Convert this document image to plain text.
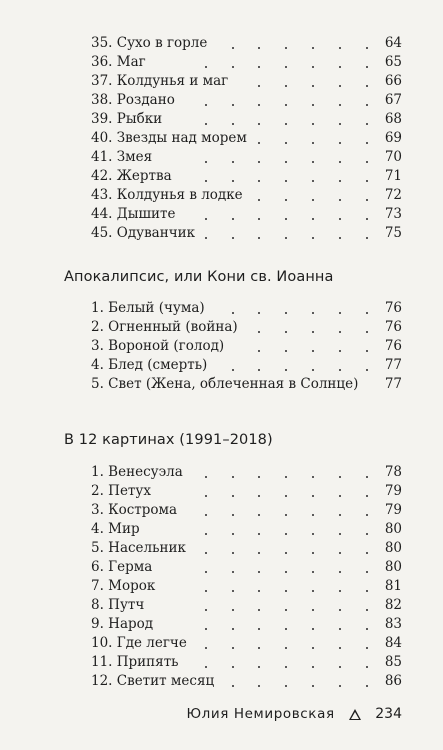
35. Сухо в горле	64
36. Маг	65
37. Колдунья и маг	66
38. Роздано	67
39. Рыбки	68
40. Звезды над морем	69
41. Змея	70
42. Жертва	71
43. Колдунья в лодке	72
44. Дышите	73
45. Одуванчик	75
Апокалипсис, или Кони св. Иоанна
1. Белый (чума)	76
2. Огненный (война)	76
3. Вороной (голод)	76
4. Блед (смерть)	77
5. Свет (Жена, облеченная в Солнце) 77
В 12 картинах (1991–2018)
1. Венесуэла	78
2. Петух	79
3. Кострома	79
4. Мир	80
5. Насельник	80
6. Герма	80
7. Морок	81
8. Путч	82
9. Народ	83
10. Где легче	84
11. Припять	85
12. Светит месяц	86
Юлия Немировская	234
